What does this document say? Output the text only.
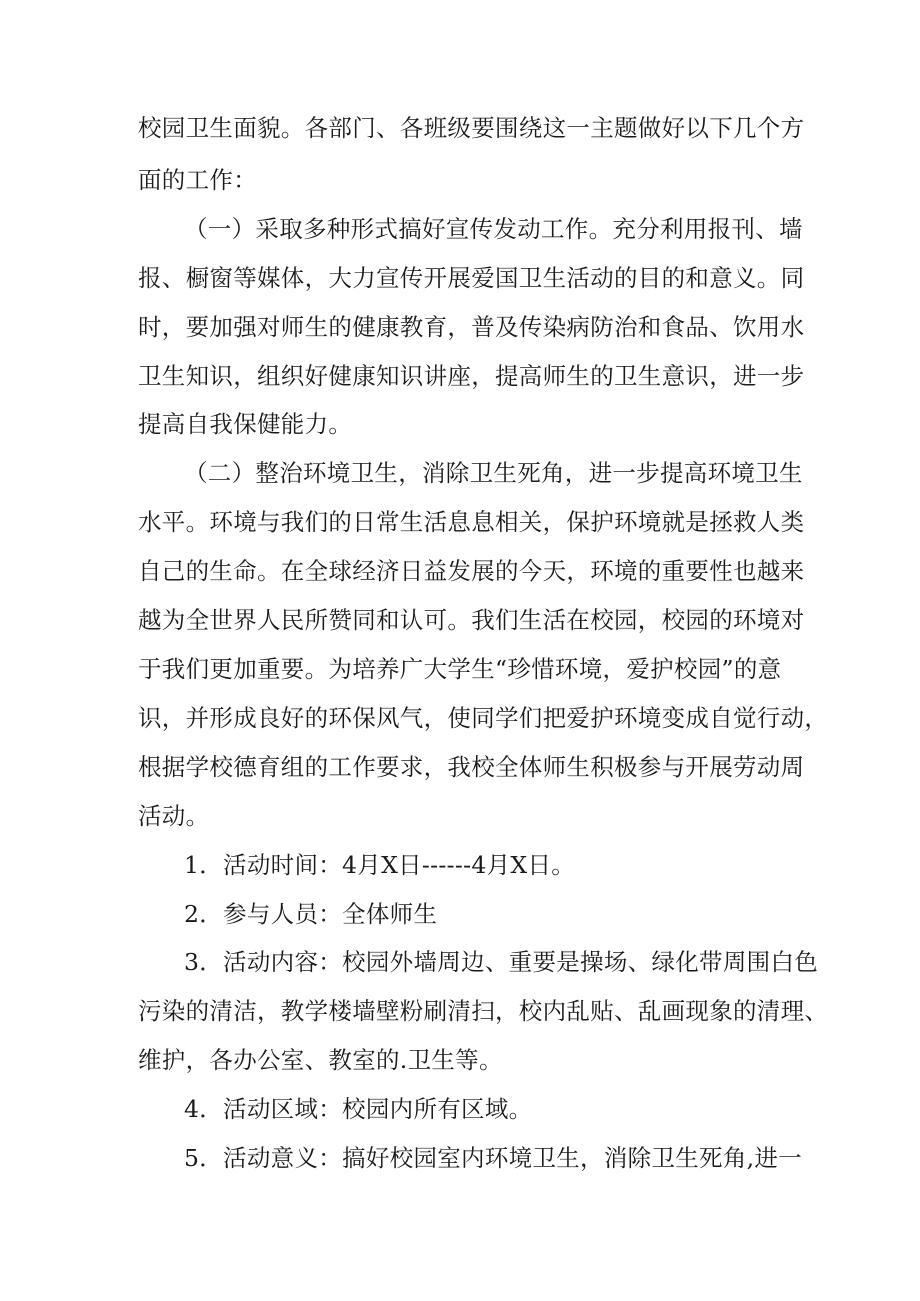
校园卫生面貌。各部门、各班级要围绕这一主题做好以下几个方
面的工作：
（一）采取多种形式搞好宣传发动工作。充分利用报刊、墙
报、橱窗等媒体，大力宣传开展爱国卫生活动的目的和意义。同
时，要加强对师生的健康教育，普及传染病防治和食品、饮用水
卫生知识，组织好健康知识讲座，提高师生的卫生意识，进一步
提高自我保健能力。
（二）整治环境卫生，消除卫生死角，进一步提高环境卫生
水平。环境与我们的日常生活息息相关，保护环境就是拯救人类
自己的生命。在全球经济日益发展的今天，环境的重要性也越来
越为全世界人民所赞同和认可。我们生活在校园，校园的环境对
于我们更加重要。为培养广大学生“珍惜环境，爱护校园”的意
识，并形成良好的环保风气，使同学们把爱护环境变成自觉行动，
根据学校德育组的工作要求，我校全体师生积极参与开展劳动周
活动。
1．活动时间：4月X日------4月X日。
2．参与人员：全体师生
3．活动内容：校园外墙周边、重要是操场、绿化带周围白色
污染的清洁，教学楼墙壁粉刷清扫，校内乱贴、乱画现象的清理、
维护，各办公室、教室的.卫生等。
4．活动区域：校园内所有区域。
5．活动意义：搞好校园室内环境卫生，消除卫生死角,进一
